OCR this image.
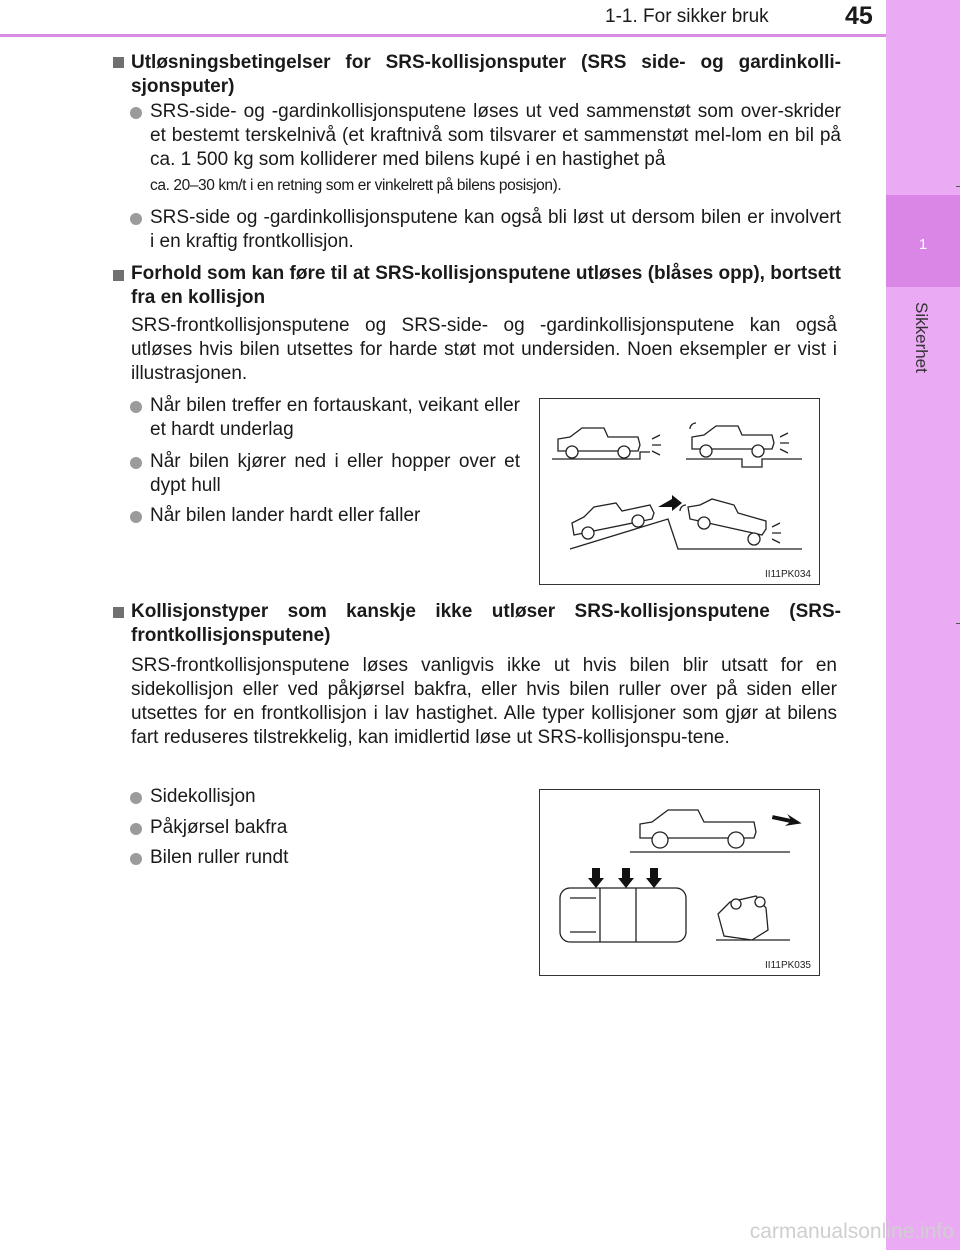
1-1. For sikker bruk	45
1
Sikkerhet
Utløsningsbetingelser for SRS-kollisjonsputer (SRS side- og gardinkolli-sjonsputer)
SRS-side- og -gardinkollisjonsputene løses ut ved sammenstøt som over-skrider et bestemt terskelnivå (et kraftnivå som tilsvarer et sammenstøt mel-lom en bil på ca. 1 500 kg som kolliderer med bilens kupé i en hastighet på
ca. 20–30 km/t i en retning som er vinkelrett på bilens posisjon).
SRS-side og -gardinkollisjonsputene kan også bli løst ut dersom bilen er involvert i en kraftig frontkollisjon.
Forhold som kan føre til at SRS-kollisjonsputene utløses (blåses opp), bortsett fra en kollisjon
SRS-frontkollisjonsputene og SRS-side- og -gardinkollisjonsputene kan også utløses hvis bilen utsettes for harde støt mot undersiden. Noen eksempler er vist i illustrasjonen.
Når bilen treffer en fortauskant, veikant eller et hardt underlag
Når bilen kjører ned i eller hopper over et dypt hull
Når bilen lander hardt eller faller
II11PK034
Kollisjonstyper som kanskje ikke utløser SRS-kollisjonsputene (SRS-frontkollisjonsputene)
SRS-frontkollisjonsputene løses vanligvis ikke ut hvis bilen blir utsatt for en sidekollisjon eller ved påkjørsel bakfra, eller hvis bilen ruller over på siden eller utsettes for en frontkollisjon i lav hastighet. Alle typer kollisjoner som gjør at bilens fart reduseres tilstrekkelig, kan imidlertid løse ut SRS-kollisjonspu-tene.
Sidekollisjon
Påkjørsel bakfra
Bilen ruller rundt
II11PK035
carmanualsonline.info
